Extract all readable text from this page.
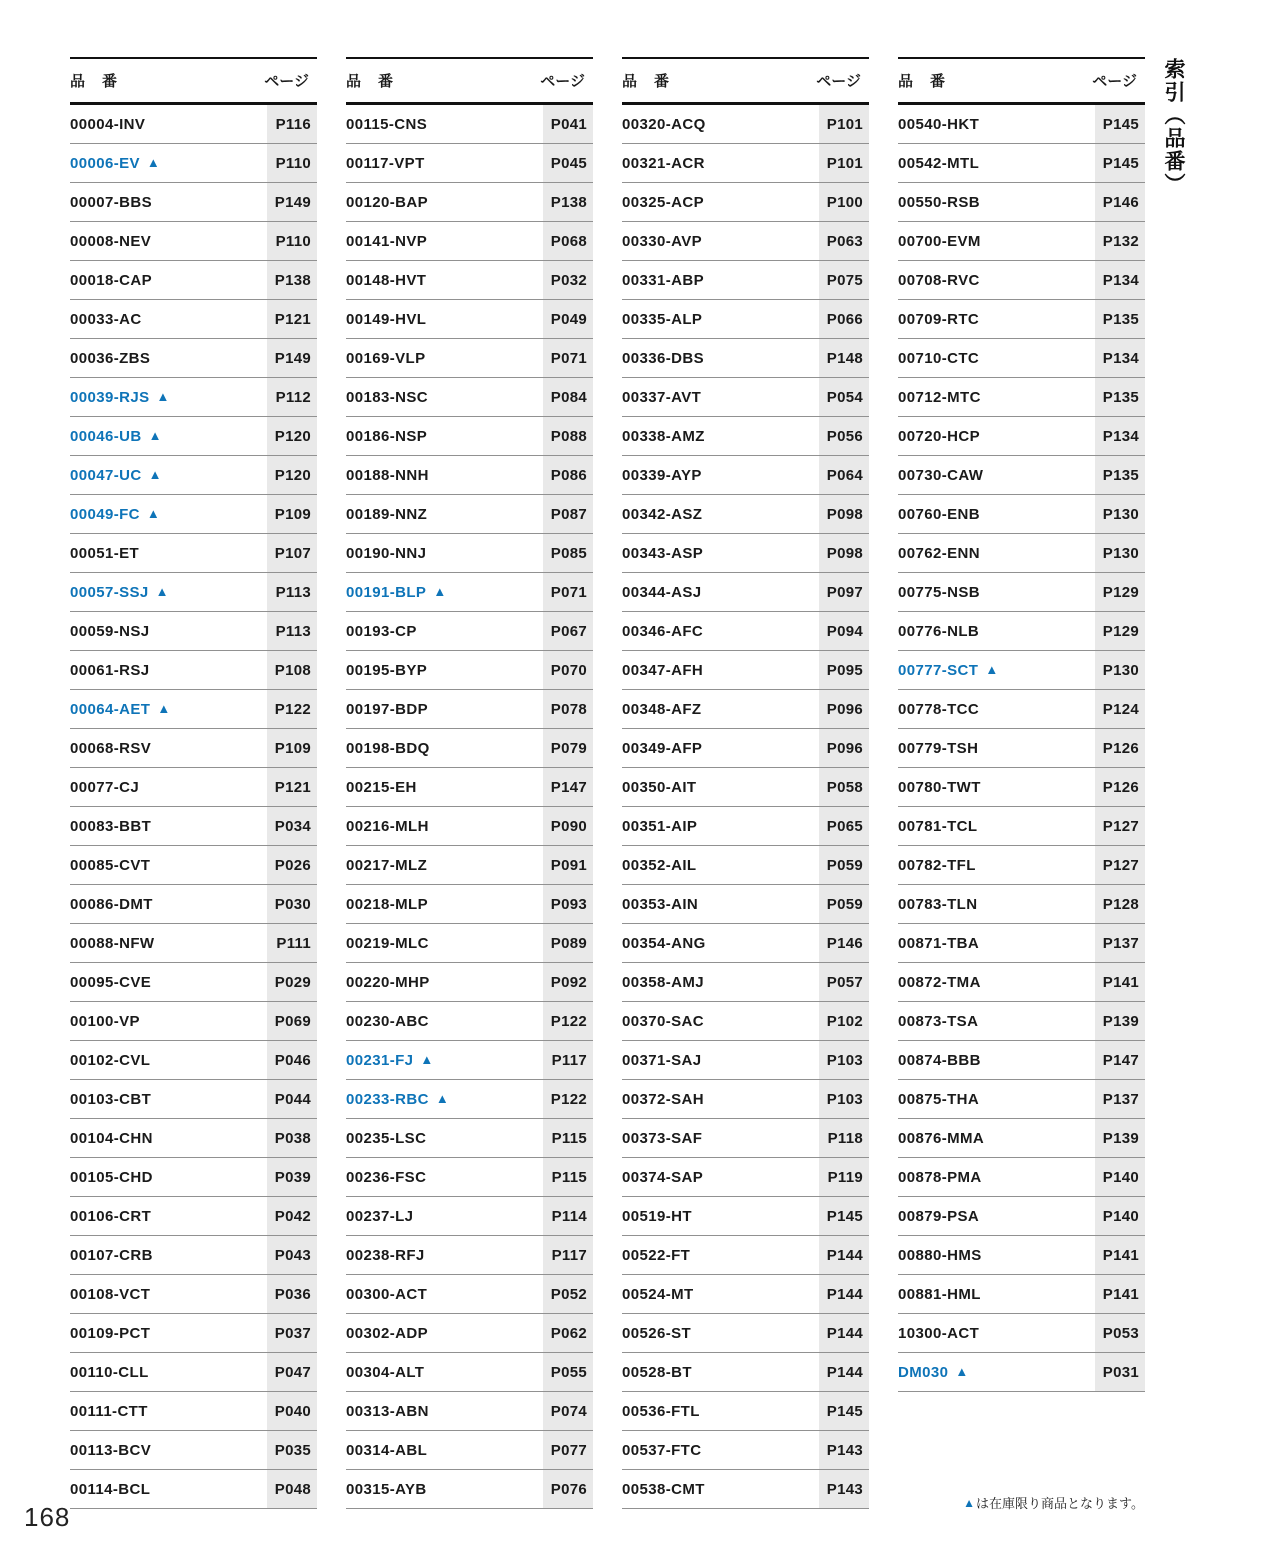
品　番	ページ
00004-INV	P116
00006-EV ▲	P110
00007-BBS	P149
00008-NEV	P110
00018-CAP	P138
00033-AC	P121
00036-ZBS	P149
00039-RJS ▲	P112
00046-UB ▲	P120
00047-UC ▲	P120
00049-FC ▲	P109
00051-ET	P107
00057-SSJ ▲	P113
00059-NSJ	P113
00061-RSJ	P108
00064-AET ▲	P122
00068-RSV	P109
00077-CJ	P121
00083-BBT	P034
00085-CVT	P026
00086-DMT	P030
00088-NFW	P111
00095-CVE	P029
00100-VP	P069
00102-CVL	P046
00103-CBT	P044
00104-CHN	P038
00105-CHD	P039
00106-CRT	P042
00107-CRB	P043
00108-VCT	P036
00109-PCT	P037
00110-CLL	P047
00111-CTT	P040
00113-BCV	P035
00114-BCL	P048
品　番	ページ
00115-CNS	P041
00117-VPT	P045
00120-BAP	P138
00141-NVP	P068
00148-HVT	P032
00149-HVL	P049
00169-VLP	P071
00183-NSC	P084
00186-NSP	P088
00188-NNH	P086
00189-NNZ	P087
00190-NNJ	P085
00191-BLP ▲	P071
00193-CP	P067
00195-BYP	P070
00197-BDP	P078
00198-BDQ	P079
00215-EH	P147
00216-MLH	P090
00217-MLZ	P091
00218-MLP	P093
00219-MLC	P089
00220-MHP	P092
00230-ABC	P122
00231-FJ ▲	P117
00233-RBC ▲	P122
00235-LSC	P115
00236-FSC	P115
00237-LJ	P114
00238-RFJ	P117
00300-ACT	P052
00302-ADP	P062
00304-ALT	P055
00313-ABN	P074
00314-ABL	P077
00315-AYB	P076
品　番	ページ
00320-ACQ	P101
00321-ACR	P101
00325-ACP	P100
00330-AVP	P063
00331-ABP	P075
00335-ALP	P066
00336-DBS	P148
00337-AVT	P054
00338-AMZ	P056
00339-AYP	P064
00342-ASZ	P098
00343-ASP	P098
00344-ASJ	P097
00346-AFC	P094
00347-AFH	P095
00348-AFZ	P096
00349-AFP	P096
00350-AIT	P058
00351-AIP	P065
00352-AIL	P059
00353-AIN	P059
00354-ANG	P146
00358-AMJ	P057
00370-SAC	P102
00371-SAJ	P103
00372-SAH	P103
00373-SAF	P118
00374-SAP	P119
00519-HT	P145
00522-FT	P144
00524-MT	P144
00526-ST	P144
00528-BT	P144
00536-FTL	P145
00537-FTC	P143
00538-CMT	P143
品　番	ページ
00540-HKT	P145
00542-MTL	P145
00550-RSB	P146
00700-EVM	P132
00708-RVC	P134
00709-RTC	P135
00710-CTC	P134
00712-MTC	P135
00720-HCP	P134
00730-CAW	P135
00760-ENB	P130
00762-ENN	P130
00775-NSB	P129
00776-NLB	P129
00777-SCT ▲	P130
00778-TCC	P124
00779-TSH	P126
00780-TWT	P126
00781-TCL	P127
00782-TFL	P127
00783-TLN	P128
00871-TBA	P137
00872-TMA	P141
00873-TSA	P139
00874-BBB	P147
00875-THA	P137
00876-MMA	P139
00878-PMA	P140
00879-PSA	P140
00880-HMS	P141
00881-HML	P141
10300-ACT	P053
DM030 ▲	P031
索引（品番）
▲ は在庫限り商品となります。
168
